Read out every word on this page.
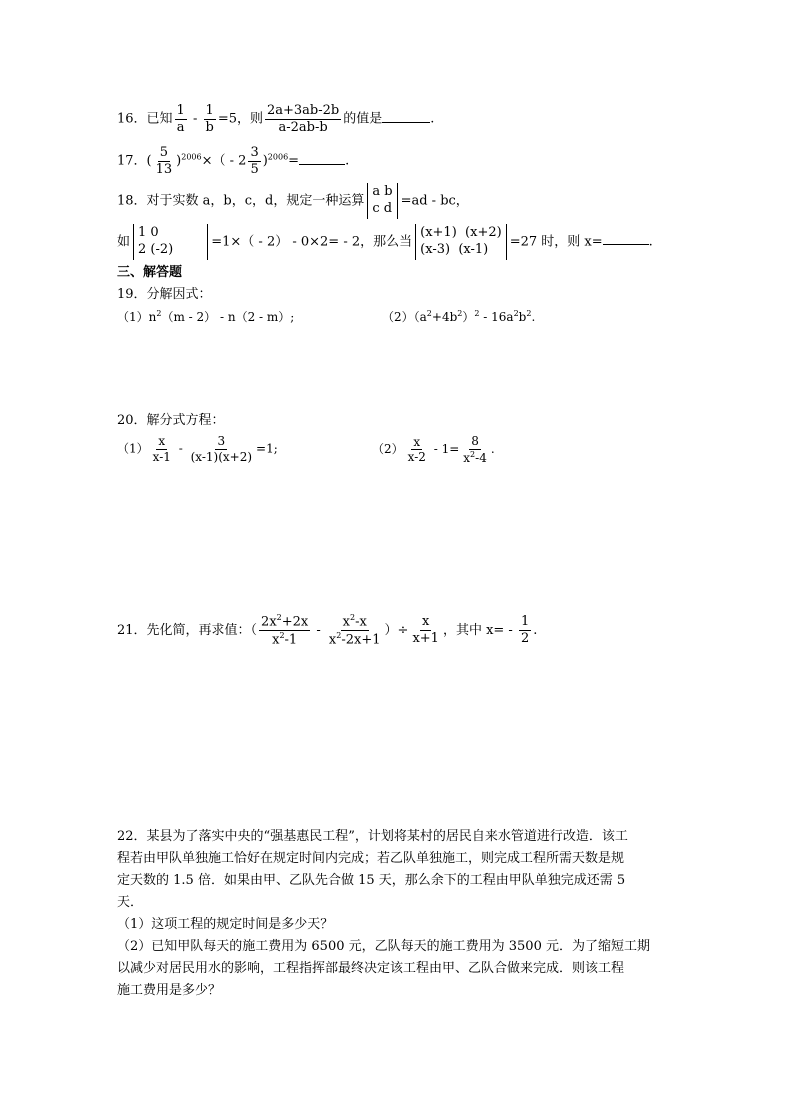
16．已知 $\frac{1}{a} - \frac{1}{b} =5$，则 $\frac{2a+3ab-2b}{a-2ab-b}$ 的值是	.
17．( $\frac{5}{13} )^{2006}\times( - 2 \frac{3}{5} )^{2006}=$	.
18．对于实数 a，b，c，d，规定一种运算
a b
c d =ad - bc，
如
1 0
2 (-2)	=1×（ - 2） - 0×2= - 2，那么当
(x+1)  (x+2)
(x-3)  (x-1)	=27 时，则 x=	.
三、解答题
19．分解因式：
$(1)n^2(m - 2) - n(2 - m)$;	$(2)(a^2+4b^2)^2 - 16a^2b^2$.
20．解分式方程：
$(1) \frac{x}{x-1} - \frac{3}{(x-1)(x+2)} =1$;	$(2) \frac{x}{x-2} - 1= \frac{8}{x^2-4}$ .
21．先化简，再求值：（ $\frac{2x^2+2x}{x^2-1} - \frac{x^2-x}{x^2-2x+1}$ ）÷ $\frac{x}{x+1}$ ，其中 $x= - \frac{1}{2}$ .
22．某县为了落实中央的“强基惠民工程”，计划将某村的居民自来水管道进行改造．该工
程若由甲队单独施工恰好在规定时间内完成；若乙队单独施工，则完成工程所需天数是规
定天数的 1.5 倍．如果由甲、乙队先合做 15 天，那么余下的工程由甲队单独完成还需 5
天．
（1）这项工程的规定时间是多少天？
（2）已知甲队每天的施工费用为 6500 元，乙队每天的施工费用为 3500 元．为了缩短工期
以减少对居民用水的影响，工程指挥部最终决定该工程由甲、乙队合做来完成．则该工程
施工费用是多少？
